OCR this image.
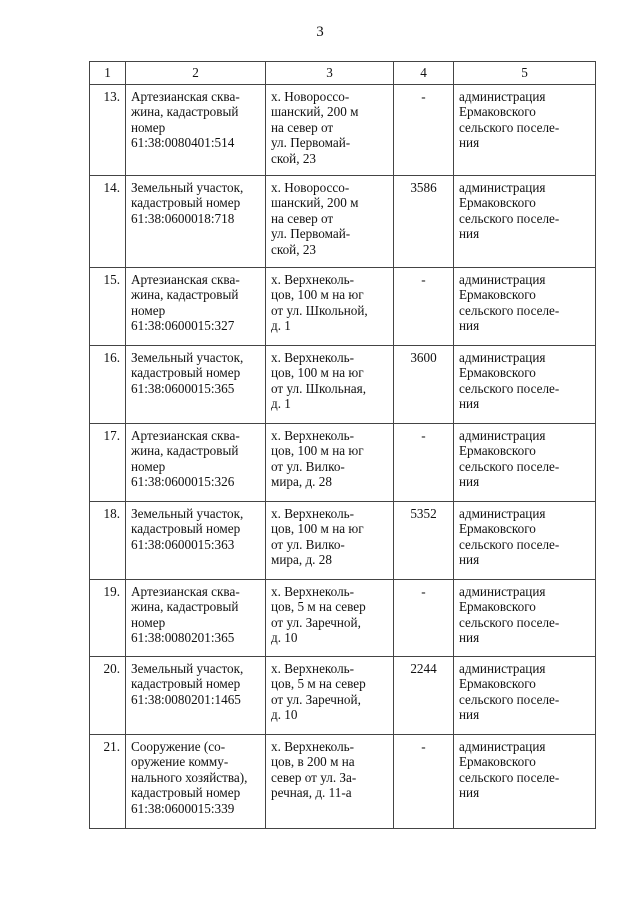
3
1	2	3	4	5
13.	Артезианская сква-
жина, кадастровый
номер
61:38:0080401:514	х. Новороссо-
шанский, 200 м
на север от
ул. Первомай-
ской, 23	-	администрация
Ермаковского
сельского поселе-
ния
14.	Земельный участок,
кадастровый номер
61:38:0600018:718	х. Новороссо-
шанский, 200 м
на север от
ул. Первомай-
ской, 23	3586	администрация
Ермаковского
сельского поселе-
ния
15.	Артезианская сква-
жина, кадастровый
номер
61:38:0600015:327	х. Верхнеколь-
цов, 100 м на юг
от ул. Школьной,
д. 1	-	администрация
Ермаковского
сельского поселе-
ния
16.	Земельный участок,
кадастровый номер
61:38:0600015:365	х. Верхнеколь-
цов, 100 м на юг
от ул. Школьная,
д. 1	3600	администрация
Ермаковского
сельского поселе-
ния
17.	Артезианская сква-
жина, кадастровый
номер
61:38:0600015:326	х. Верхнеколь-
цов, 100 м на юг
от ул. Вилко-
мира, д. 28	-	администрация
Ермаковского
сельского поселе-
ния
18.	Земельный участок,
кадастровый номер
61:38:0600015:363	х. Верхнеколь-
цов, 100 м на юг
от ул. Вилко-
мира, д. 28	5352	администрация
Ермаковского
сельского поселе-
ния
19.	Артезианская сква-
жина, кадастровый
номер
61:38:0080201:365	х. Верхнеколь-
цов, 5 м на север
от ул. Заречной,
д. 10	-	администрация
Ермаковского
сельского поселе-
ния
20.	Земельный участок,
кадастровый номер
61:38:0080201:1465	х. Верхнеколь-
цов, 5 м на север
от ул. Заречной,
д. 10	2244	администрация
Ермаковского
сельского поселе-
ния
21.	Сооружение (со-
оружение комму-
нального хозяйства),
кадастровый номер
61:38:0600015:339	х. Верхнеколь-
цов, в 200 м на
север от ул. За-
речная, д. 11-а	-	администрация
Ермаковского
сельского поселе-
ния
